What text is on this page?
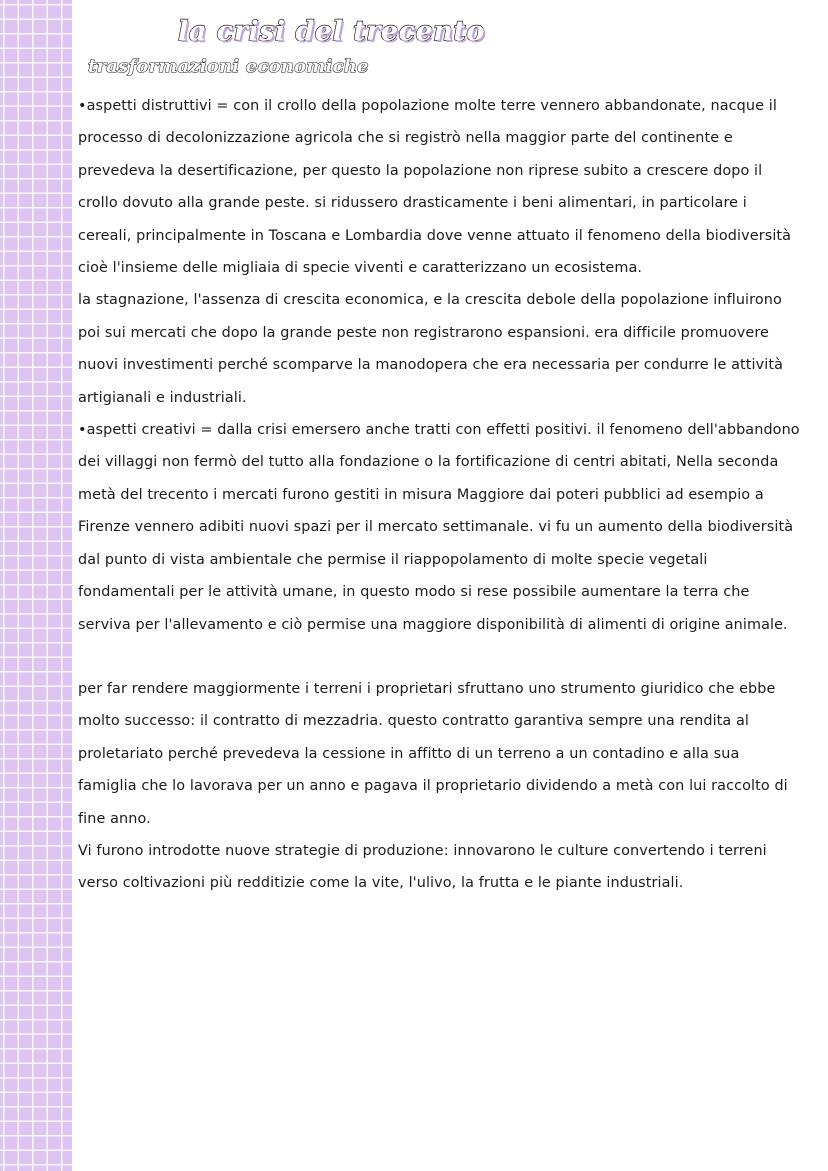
la crisi del trecento
trasformazioni economiche

•aspetti distruttivi = con il crollo della popolazione molte terre vennero abbandonate, nacque il processo di decolonizzazione agricola che si registrò nella maggior parte del continente e prevedeva la desertificazione, per questo la popolazione non riprese subito a crescere dopo il crollo dovuto alla grande peste. si ridussero drasticamente i beni alimentari, in particolare i cereali, principalmente in Toscana e Lombardia dove venne attuato il fenomeno della biodiversità cioè l'insieme delle migliaia di specie viventi e caratterizzano un ecosistema.

la stagnazione, l'assenza di crescita economica, e la crescita debole della popolazione influirono poi sui mercati che dopo la grande peste non registrarono espansioni. era difficile promuovere nuovi investimenti perché scomparve la manodopera che era necessaria per condurre le attività artigianali e industriali.

•aspetti creativi = dalla crisi emersero anche tratti con effetti positivi. il fenomeno dell'abbandono dei villaggi non fermò del tutto alla fondazione o la fortificazione di centri abitati, Nella seconda metà del trecento i mercati furono gestiti in misura Maggiore dai poteri pubblici ad esempio a Firenze vennero adibiti nuovi spazi per il mercato settimanale. vi fu un aumento della biodiversità dal punto di vista ambientale che permise il riappopolamento di molte specie vegetali fondamentali per le attività umane, in questo modo si rese possibile aumentare la terra che serviva per l'allevamento e ciò permise una maggiore disponibilità di alimenti di origine animale.

per far rendere maggiormente i terreni i proprietari sfruttano uno strumento giuridico che ebbe molto successo: il contratto di mezzadria. questo contratto garantiva sempre una rendita al proletariato perché prevedeva la cessione in affitto di un terreno a un contadino e alla sua famiglia che lo lavorava per un anno e pagava il proprietario dividendo a metà con lui raccolto di fine anno.

Vi furono introdotte nuove strategie di produzione: innovarono le culture convertendo i terreni verso coltivazioni più redditizie come la vite, l'ulivo, la frutta e le piante industriali.
